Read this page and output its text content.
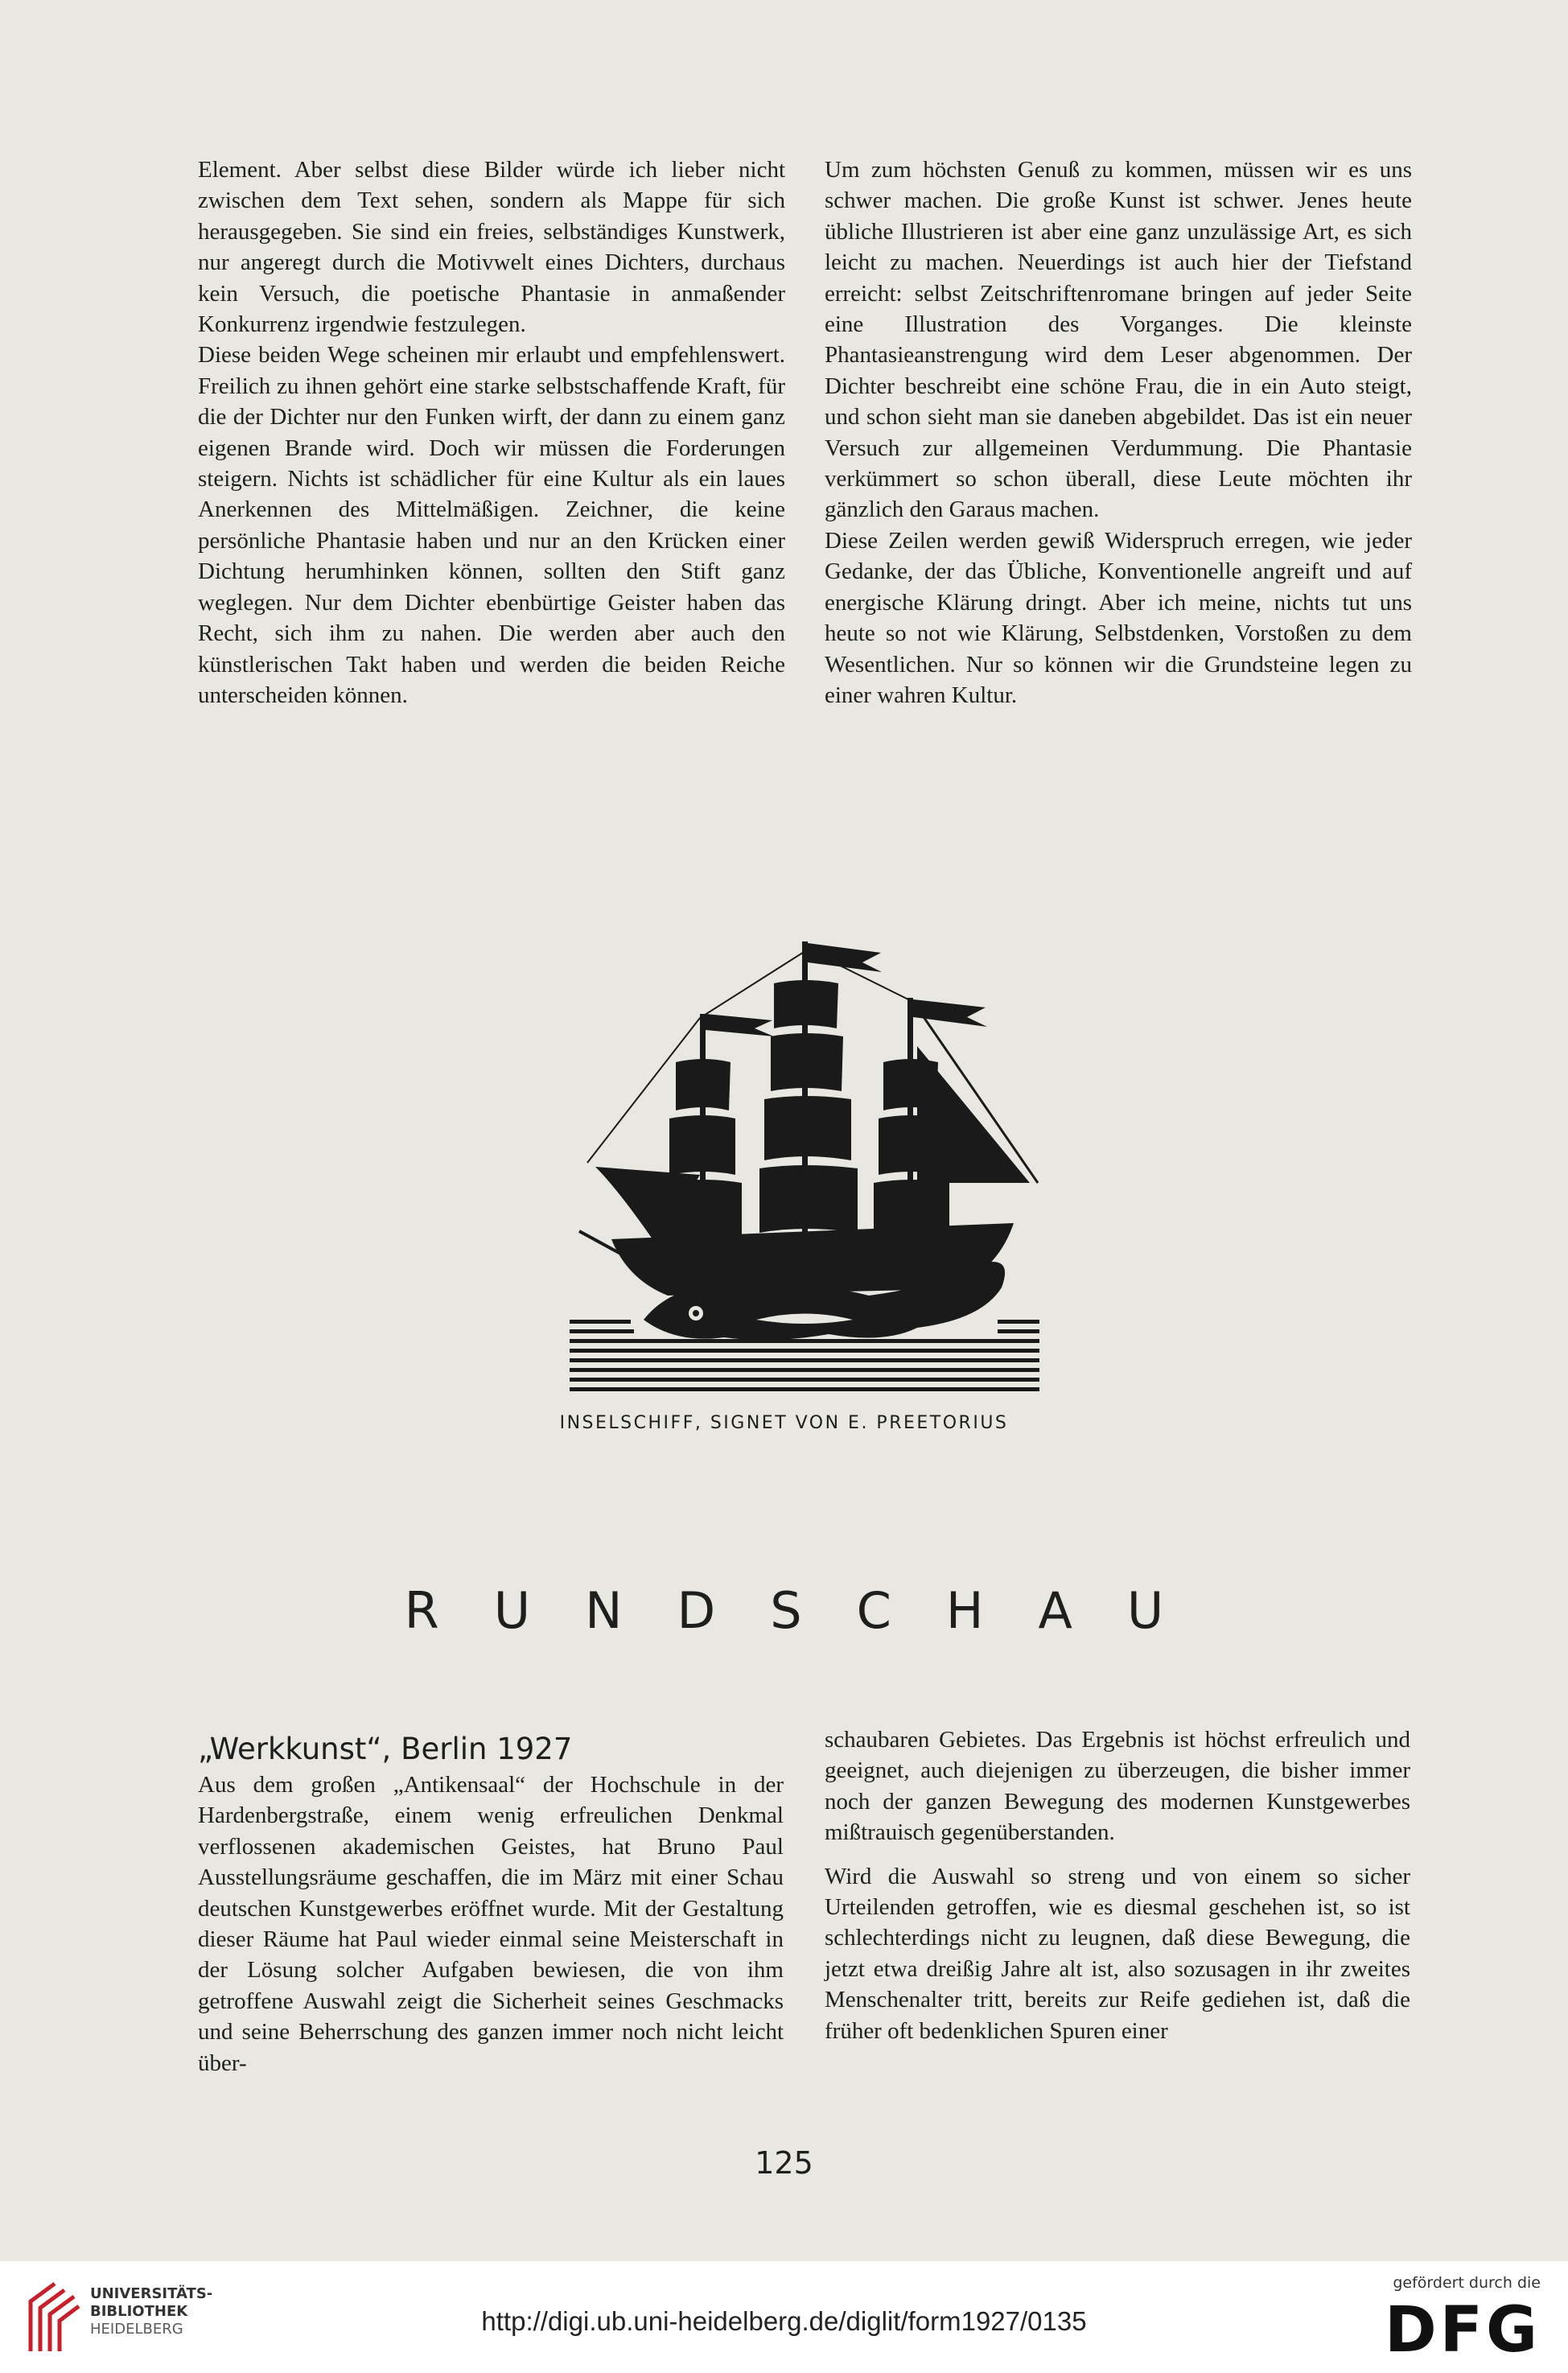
Element. Aber selbst diese Bilder würde ich lieber nicht zwischen dem Text sehen, sondern als Mappe für sich herausgegeben. Sie sind ein freies, selbständiges Kunstwerk, nur angeregt durch die Motivwelt eines Dichters, durchaus kein Versuch, die poetische Phantasie in anmaßender Konkurrenz irgendwie festzulegen.

Diese beiden Wege scheinen mir erlaubt und empfehlenswert. Freilich zu ihnen gehört eine starke selbstschaffende Kraft, für die der Dichter nur den Funken wirft, der dann zu einem ganz eigenen Brande wird. Doch wir müssen die Forderungen steigern. Nichts ist schädlicher für eine Kultur als ein laues Anerkennen des Mittelmäßigen. Zeichner, die keine persönliche Phantasie haben und nur an den Krücken einer Dichtung herumhinken können, sollten den Stift ganz weglegen. Nur dem Dichter ebenbürtige Geister haben das Recht, sich ihm zu nahen. Die werden aber auch den künstlerischen Takt haben und werden die beiden Reiche unterscheiden können.

Um zum höchsten Genuß zu kommen, müssen wir es uns schwer machen. Die große Kunst ist schwer. Jenes heute übliche Illustrieren ist aber eine ganz unzulässige Art, es sich leicht zu machen. Neuerdings ist auch hier der Tiefstand erreicht: selbst Zeitschriftenromane bringen auf jeder Seite eine Illustration des Vorganges. Die kleinste Phantasieanstrengung wird dem Leser abgenommen. Der Dichter beschreibt eine schöne Frau, die in ein Auto steigt, und schon sieht man sie daneben abgebildet. Das ist ein neuer Versuch zur allgemeinen Verdummung. Die Phantasie verkümmert so schon überall, diese Leute möchten ihr gänzlich den Garaus machen.

Diese Zeilen werden gewiß Widerspruch erregen, wie jeder Gedanke, der das Übliche, Konventionelle angreift und auf energische Klärung dringt. Aber ich meine, nichts tut uns heute so not wie Klärung, Selbstdenken, Vorstoßen zu dem Wesentlichen. Nur so können wir die Grundsteine legen zu einer wahren Kultur.

INSELSCHIFF, SIGNET VON E. PREETORIUS
RUNDSCHAU
„Werkkunst“, Berlin 1927

Aus dem großen „Antikensaal“ der Hochschule in der Hardenbergstraße, einem wenig erfreulichen Denkmal verflossenen akademischen Geistes, hat Bruno Paul Ausstellungsräume geschaffen, die im März mit einer Schau deutschen Kunstgewerbes eröffnet wurde. Mit der Gestaltung dieser Räume hat Paul wieder einmal seine Meisterschaft in der Lösung solcher Aufgaben bewiesen, die von ihm getroffene Auswahl zeigt die Sicherheit seines Geschmacks und seine Beherrschung des ganzen immer noch nicht leicht über-

schaubaren Gebietes. Das Ergebnis ist höchst erfreulich und geeignet, auch diejenigen zu überzeugen, die bisher immer noch der ganzen Bewegung des modernen Kunstgewerbes mißtrauisch gegenüberstanden.

Wird die Auswahl so streng und von einem so sicher Urteilenden getroffen, wie es diesmal geschehen ist, so ist schlechterdings nicht zu leugnen, daß diese Bewegung, die jetzt etwa dreißig Jahre alt ist, also sozusagen in ihr zweites Menschenalter tritt, bereits zur Reife gediehen ist, daß die früher oft bedenklichen Spuren einer

125
UNIVERSITÄTS-
BIBLIOTHEK
HEIDELBERG	http://digi.ub.uni-heidelberg.de/diglit/form1927/0135
gefördert durch die
DFG
